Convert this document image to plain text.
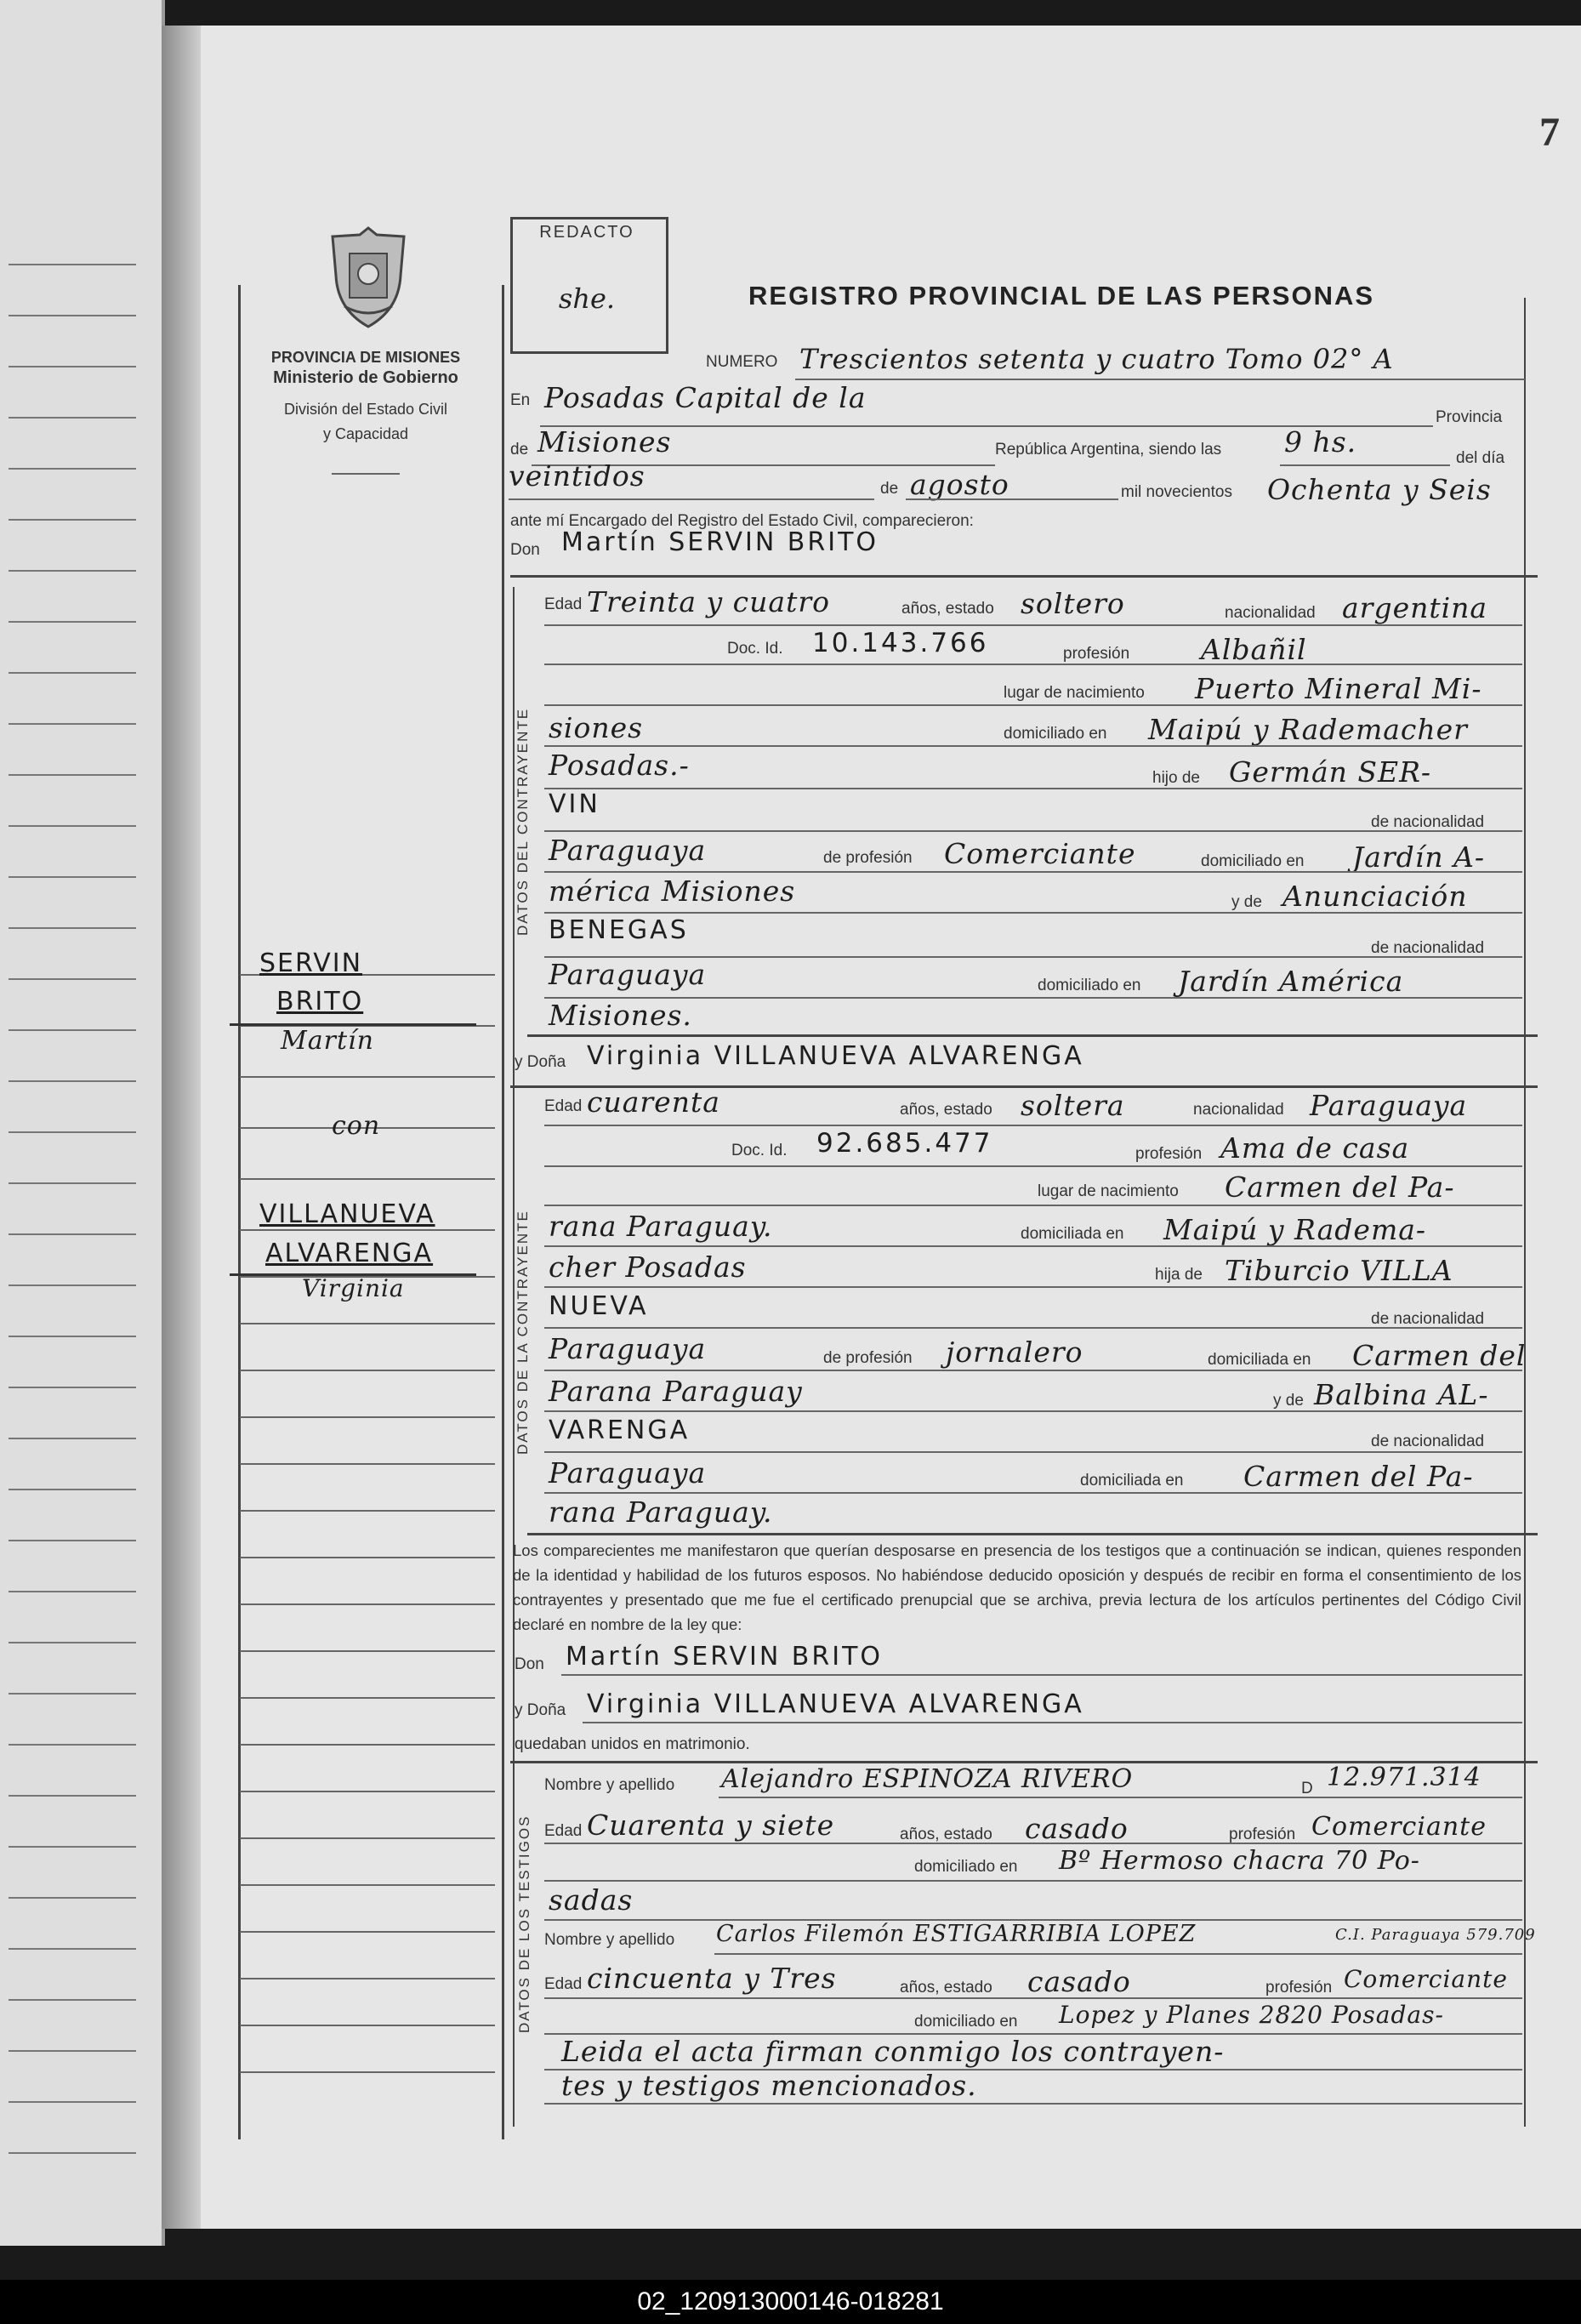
7
PROVINCIA DE MISIONES
Ministerio de Gobierno
División del Estado Civil
y Capacidad
SERVIN
BRITO
Martín
con
VILLANUEVA
ALVARENGA
Virginia
REDACTO
she.	REGISTRO PROVINCIAL DE LAS PERSONAS
NUMERO Trescientos setenta y cuatro Tomo 02° A
En Posadas Capital de la
Provincia
de Misiones	República Argentina, siendo las 9 hs.	del día
veintidos	de agosto	mil novecientos Ochenta y Seis
ante mí Encargado del Registro del Estado Civil, comparecieron:
Don Martín SERVIN BRITO
DATOS DEL CONTRAYENTE
Edad Treinta y cuatro	años, estado soltero	nacionalidad argentina
Doc. Id. 10.143.766	profesión	Albañil
lugar de nacimiento Puerto Mineral Mi-
siones	domiciliado en Maipú y Rademacher
Posadas.-	hijo de Germán SER-
VIN
de nacionalidad
Paraguaya	de profesión Comerciante	domiciliado en Jardín A-
mérica Misiones	y de Anunciación
BENEGAS
de nacionalidad
Paraguaya	domiciliado en Jardín América
Misiones.
y Doña Virginia VILLANUEVA ALVARENGA
DATOS DE LA CONTRAYENTE
Edad cuarenta	años, estado soltera	nacionalidad Paraguaya
Doc. Id. 92.685.477	profesión Ama de casa
lugar de nacimiento Carmen del Pa-
rana Paraguay.	domiciliada en Maipú y Radema-
cher Posadas	hija de Tiburcio VILLA
NUEVA	de nacionalidad
Paraguaya	de profesión jornalero	domiciliada en Carmen del
Parana Paraguay	y de Balbina AL-
VARENGA	de nacionalidad
Paraguaya	domiciliada en Carmen del Pa-
rana Paraguay.
Los comparecientes me manifestaron que querían desposarse en presencia de los testigos que a continuación se indican, quienes responden de la identidad y habilidad de los futuros esposos. No habiéndose deducido oposición y después de recibir en forma el consentimiento de los contrayentes y presentado que me fue el certificado prenupcial que se archiva, previa lectura de los artículos pertinentes del Código Civil declaré en nombre de la ley que:
Don Martín SERVIN BRITO
y Doña Virginia VILLANUEVA ALVARENGA
quedaban unidos en matrimonio.
DATOS DE LOS TESTIGOS
Nombre y apellido Alejandro ESPINOZA RIVERO	D 12.971.314
Edad Cuarenta y siete	años, estado casado	profesión Comerciante
domiciliado en Bº Hermoso chacra 70 Po-
sadas
Nombre y apellido Carlos Filemón ESTIGARRIBIA LOPEZ	C.I. Paraguaya 579.709
Edad cincuenta y Tres	años, estado casado	profesión Comerciante
domiciliado en Lopez y Planes 2820 Posadas-
Leida el acta firman conmigo los contrayen-
tes y testigos mencionados.
02_120913000146-018281
